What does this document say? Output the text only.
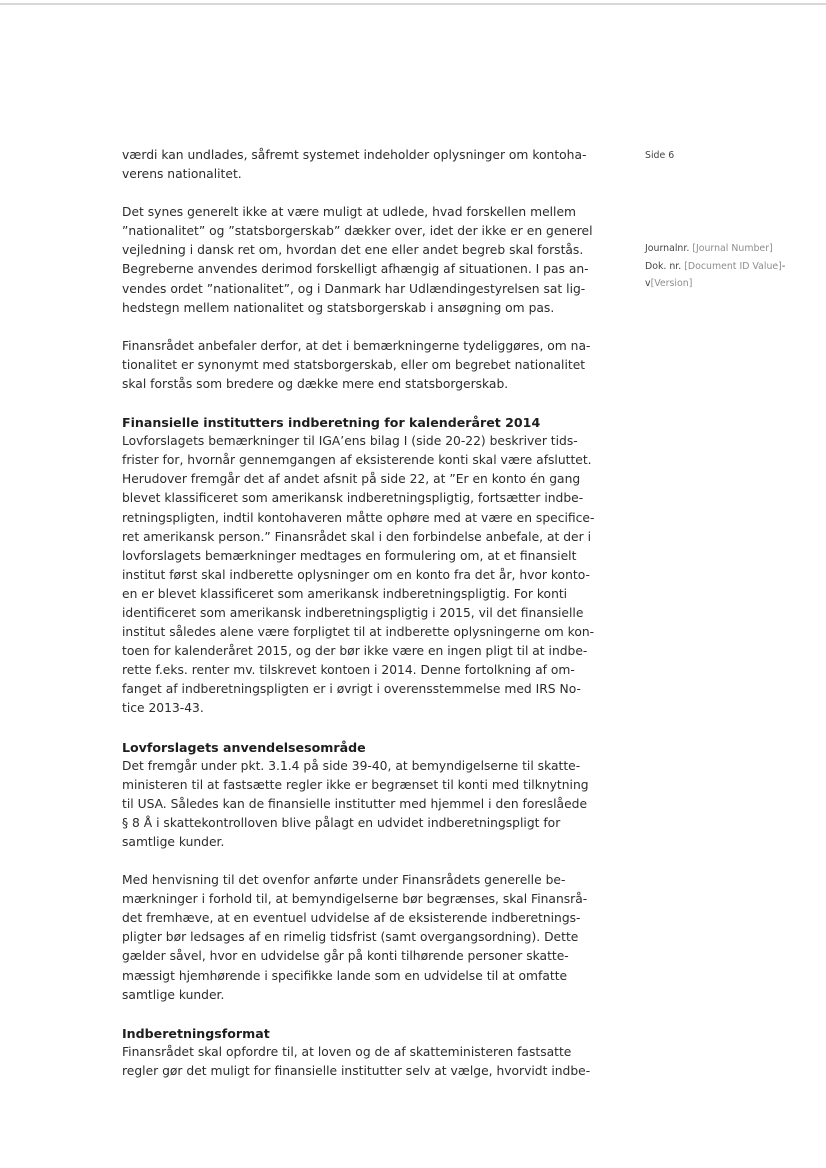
Side 6
Journalnr. [Journal Number]
Dok. nr. [Document ID Value]-
v[Version]

værdi kan undlades, såfremt systemet indeholder oplysninger om kontoha-
verens nationalitet.

Det synes generelt ikke at være muligt at udlede, hvad forskellen mellem
”nationalitet” og ”statsborgerskab” dækker over, idet der ikke er en generel
vejledning i dansk ret om, hvordan det ene eller andet begreb skal forstås.
Begreberne anvendes derimod forskelligt afhængig af situationen. I pas an-
vendes ordet ”nationalitet”, og i Danmark har Udlændingestyrelsen sat lig-
hedstegn mellem nationalitet og statsborgerskab i ansøgning om pas.

Finansrådet anbefaler derfor, at det i bemærkningerne tydeliggøres, om na-
tionalitet er synonymt med statsborgerskab, eller om begrebet nationalitet
skal forstås som bredere og dække mere end statsborgerskab.

Finansielle institutters indberetning for kalenderåret 2014

Lovforslagets bemærkninger til IGA’ens bilag I (side 20-22) beskriver tids-
frister for, hvornår gennemgangen af eksisterende konti skal være afsluttet.
Herudover fremgår det af andet afsnit på side 22, at ”Er en konto én gang
blevet klassificeret som amerikansk indberetningspligtig, fortsætter indbe-
retningspligten, indtil kontohaveren måtte ophøre med at være en specifice-
ret amerikansk person.” Finansrådet skal i den forbindelse anbefale, at der i
lovforslagets bemærkninger medtages en formulering om, at et finansielt
institut først skal indberette oplysninger om en konto fra det år, hvor konto-
en er blevet klassificeret som amerikansk indberetningspligtig. For konti
identificeret som amerikansk indberetningspligtig i 2015, vil det finansielle
institut således alene være forpligtet til at indberette oplysningerne om kon-
toen for kalenderåret 2015, og der bør ikke være en ingen pligt til at indbe-
rette f.eks. renter mv. tilskrevet kontoen i 2014. Denne fortolkning af om-
fanget af indberetningspligten er i øvrigt i overensstemmelse med IRS No-
tice 2013-43.

Lovforslagets anvendelsesområde

Det fremgår under pkt. 3.1.4 på side 39-40, at bemyndigelserne til skatte-
ministeren til at fastsætte regler ikke er begrænset til konti med tilknytning
til USA. Således kan de finansielle institutter med hjemmel i den foreslåede
§ 8 Å i skattekontrolloven blive pålagt en udvidet indberetningspligt for
samtlige kunder.

Med henvisning til det ovenfor anførte under Finansrådets generelle be-
mærkninger i forhold til, at bemyndigelserne bør begrænses, skal Finansrå-
det fremhæve, at en eventuel udvidelse af de eksisterende indberetnings-
pligter bør ledsages af en rimelig tidsfrist (samt overgangsordning). Dette
gælder såvel, hvor en udvidelse går på konti tilhørende personer skatte-
mæssigt hjemhørende i specifikke lande som en udvidelse til at omfatte
samtlige kunder.

Indberetningsformat

Finansrådet skal opfordre til, at loven og de af skatteministeren fastsatte
regler gør det muligt for finansielle institutter selv at vælge, hvorvidt indbe-
